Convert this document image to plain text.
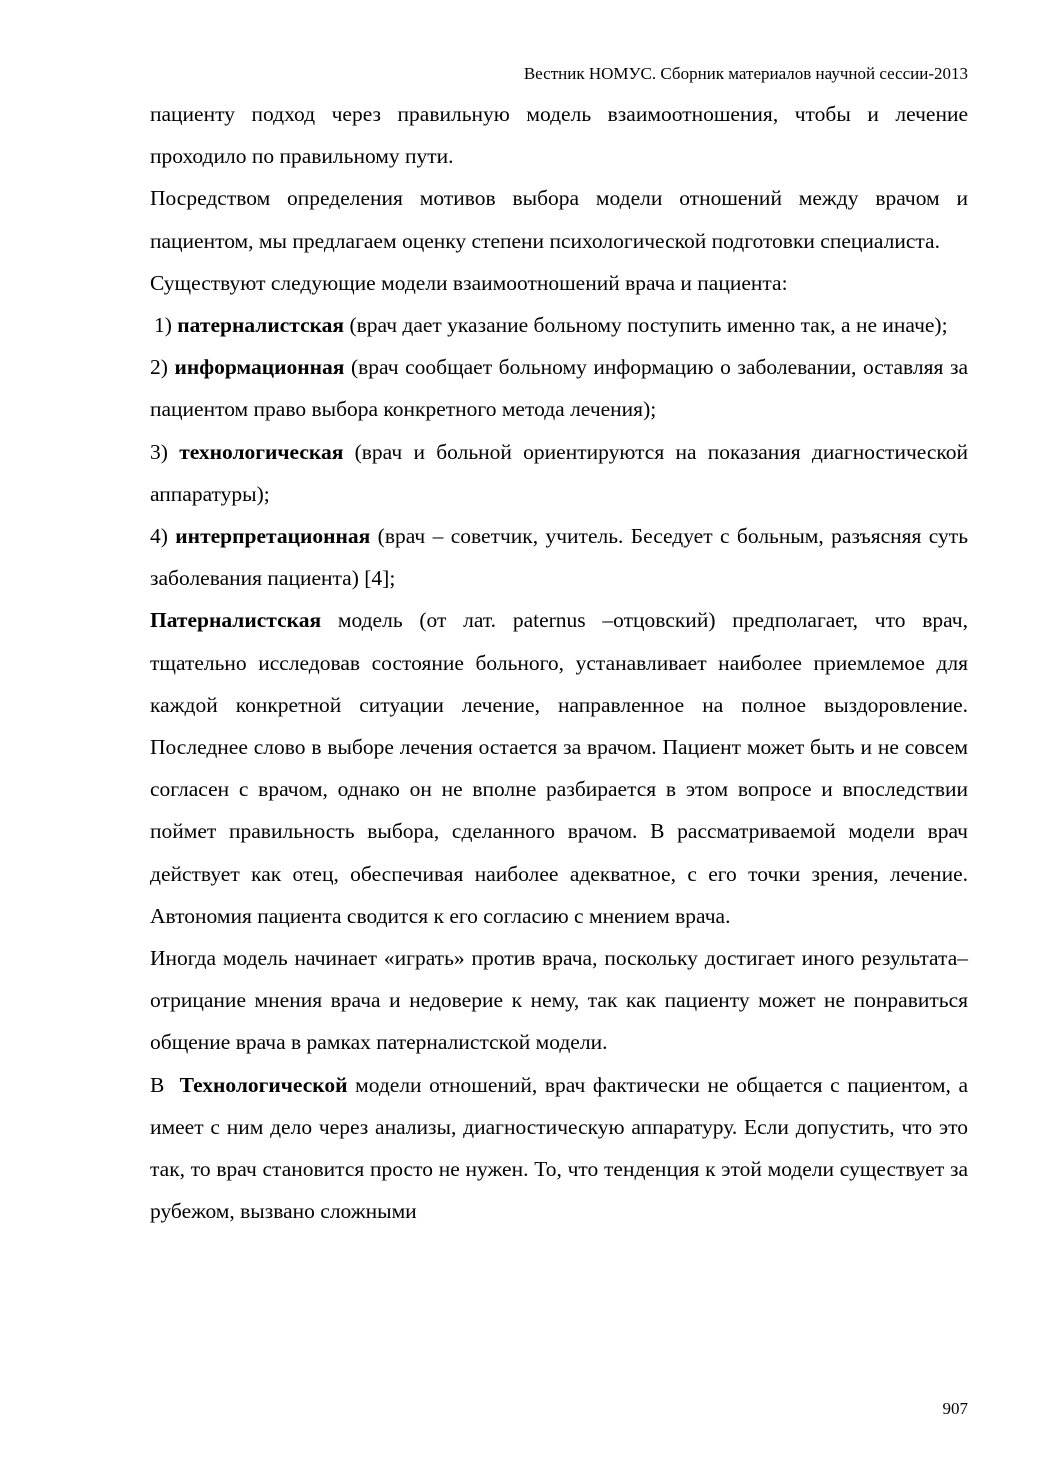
Вестник НОМУС. Сборник материалов научной сессии-2013

пациенту подход через правильную модель взаимоотношения, чтобы и лечение проходило по правильному пути.

Посредством определения мотивов выбора модели отношений между врачом и пациентом, мы предлагаем оценку степени психологической подготовки специалиста.

Существуют следующие модели взаимоотношений врача и пациента:

1) патерналистская (врач дает указание больному поступить именно так, а не иначе);

2) информационная (врач сообщает больному информацию о заболевании, оставляя за пациентом право выбора конкретного метода лечения);

3) технологическая (врач и больной ориентируются на показания диагностической аппаратуры);

4) интерпретационная (врач – советчик, учитель. Беседует с больным, разъясняя суть заболевания пациента) [4];

Патерналистская модель (от лат. paternus –отцовский) предполагает, что врач, тщательно исследовав состояние больного, устанавливает наиболее приемлемое для каждой конкретной ситуации лечение, направленное на полное выздоровление. Последнее слово в выборе лечения остается за врачом. Пациент может быть и не совсем согласен с врачом, однако он не вполне разбирается в этом вопросе и впоследствии поймет правильность выбора, сделанного врачом. В рассматриваемой модели врач действует как отец, обеспечивая наиболее адекватное, с его точки зрения, лечение. Автономия пациента сводится к его согласию с мнением врача.

Иногда модель начинает «играть» против врача, поскольку достигает иного результата– отрицание мнения врача и недоверие к нему, так как пациенту может не понравиться общение врача в рамках патерналистской модели.

В  Технологической модели отношений, врач фактически не общается с пациентом, а имеет с ним дело через анализы, диагностическую аппаратуру. Если допустить, что это так, то врач становится просто не нужен. То, что тенденция к этой модели существует за рубежом, вызвано сложными

907
